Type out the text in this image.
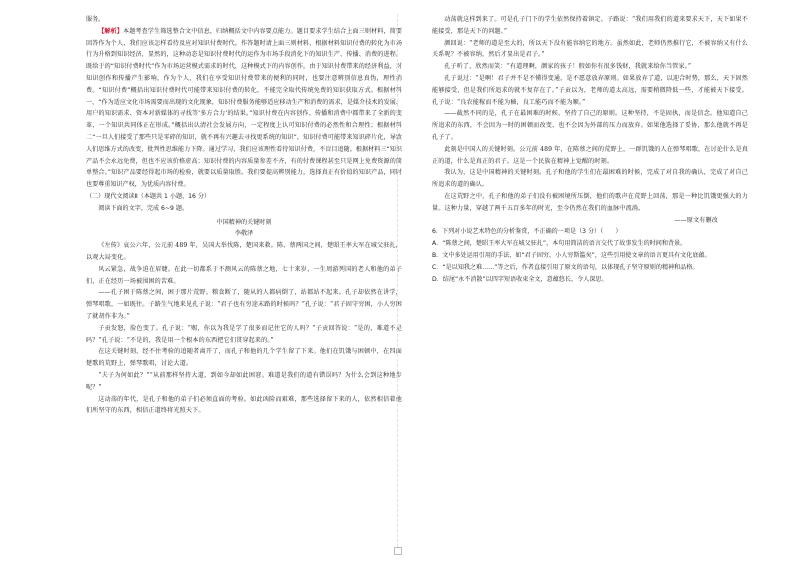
服务。

【解析】本题考查学生筛选整合文中信息，归纳概括文中内容要点能力。题目要求学生结合上面三则材料，简要回答作为个人，我们应该怎样看待及应对知识付费时代。作答题时请上面三则材料，根据材料知识付费的转化为市场行为升格到知识经济，显然的，这种动态是知识付费时代的运作为市场手段消化下的知识生产、传播、消费的进程。既给于的“知识付费时代”作为市场运营模式需求的时代，这种模式下的内容创作，由于知识付费带来的经济利益，对知识创作和传播产生影响，作为个人，我们在享受知识付费带来的便利的同时，也要注意辨别信息真伪，理性消费。“知识付费”概括出知识付费时代可能带来知识付费的转化，不能完全取代传统免费的知识获取方式。根据材料一，“作为适应文化市场需要而出现的文化现象，知识付费服务能够适应移动生产和消费的需求，是媒介技术的发展、用户的知识需求、资本对新媒体的寻找等‘多方合力’的结果。”知识付费在内容创作、传播和消费中都带来了全新的变革，一个知识共同体正在形成。”概括出认清社会发展方向，一定程度上认可知识付费的必然性和合理性；根据材料二“一旦人们接受了那些只是零碎的知识，就不再有兴趣去寻找更系统的知识”，知识付费可能带来知识碎片化，导致人们思维方式的改变，批判性思维能力下降。通过学习，我们应该理性看待知识付费，不盲目追随。根据材料三“知识产品不会永远免费，但也不应该价格虚高；知识付费的内容质量参差不齐，有的付费课程甚至只是网上免费资源的简单整合。”知识产品要经得起市场的检验，就要以质量取胜。我们要提高辨别能力，选择真正有价值的知识产品，同时也要尊重知识产权，为优质内容付费。

（二）现代文阅读Ⅱ（本题共 1 小题，16 分）

阅读下面的文字，完成 6~9 题。

中国精神的关键时刻

李敬泽

《左传》哀公六年，公元前 489 年，吴国大举伐陈，楚国来救。陈、蔡两国之间，楚昭王率大军在城父驻扎，以观大局变化。

风云紧急，战争迫在眉睫。在此一切都系于不测风云的陈蔡之地，七十来岁、一生周游列国的老人和他的弟子们，正在经历一场被围困的苦难。

——孔子困于陈蔡之间，困于那片荒野。粮食断了，随从的人都病倒了，站都站不起来。孔子却依然在讲学，弹琴唱歌，一如既往。子路生气地来见孔子说：“君子也有穷途末路的时候吗？”孔子说：“君子固守穷困，小人穷困了就胡作非为。”

子贡发怒，脸色变了。孔子说：“赐，你以为我是学了很多而记住它的人吗？”子贡回答说：“是的，难道不是吗？”孔子说：“不是的，我是用一个根本的东西把它们贯穿起来的。”

在这关键时刻，经不住考验的追随者离开了，而孔子和他的几个学生留了下来。他们在饥饿与困顿中，在四面楚歌的荒野上，弹琴歌唱，讨论大道。

“夫子为何如此？”“从前那样坚持大道，到如今却如此困窘。难道是我们的道有错误吗？为什么会到这种地步呢？”

这动荡的年代，是孔子和他的弟子们必须直面的考验。如此凶险而艰难，那些选择留下来的人，依然相信着他们所坚守的东西，相信正道终将光照天下。

动荡就这样到来了。可是孔子门下的学生依然保持着镇定。子路说：“我们用我们的道来要求天下，天下如果不能接受，那是天下的问题。”

颜回说：“老师的道是至大的，所以天下没有能容纳它的地方。虽然如此，老师仍然推行它，不被容纳又有什么关系呢？不被容纳，然后才显出是君子。”

孔子听了，欣然而笑：“有道理啊，颜家的孩子！假如你有很多钱财，我就来给你当管家。”

孔子说过：“是啊！君子并不是不懂得变通，是不愿意放弃原则。如果放弃了道，以迎合时势，那么，天下固然能够接受，但是我们所追求的就不复存在了。”子贡以为，老师的道太高远，需要稍微降低一些，才能被天下接受。孔子说：“良农能稼而不能为穑，良工能巧而不能为顺。”

——截然不同的是，孔子在最困难的时候，坚持了自己的原则。这种坚持，不是固执，而是信念。他知道自己所追求的东西，不会因为一时的困顿而改变，也不会因为外部的压力而放弃。如果他选择了妥协，那么他就不再是孔子了。

此刻是中国人的关键时刻。公元前 489 年，在陈蔡之间的荒野上，一群饥饿的人在弹琴唱歌，在讨论什么是真正的道，什么是真正的君子。这是一个民族在精神上觉醒的时刻。

我认为，这是中国精神的关键时刻。孔子和他的学生们在最困难的时候，完成了对自我的确认，完成了对自己所追求的道的确认。

在这荒野之中，孔子和他的弟子们没有被困境所压倒，他们的歌声在荒野上回荡，那是一种比饥饿更强大的力量。这种力量，穿越了两千五百多年的时光，至今仍然在我们的血脉中流淌。

——原文有删改

6．下列对小说艺术特色的分析鉴赏，不正确的一项是（3 分）（　　）

A．“陈蔡之间，楚昭王率大军在城父驻扎”，本句用简洁的语言交代了故事发生的时间和背景。

B．文中多处运用引用的手法，如“君子固穷，小人穷斯滥矣”，这些引用使文章的语言更具有文化底蕴。

C．“是以知我之难……”等之后，作者直接引用了原文的语句，以体现孔子坚守原则的精神和品格。

D．结尾“永不消散”以四字短语收束全文，意蕴悠长，令人深思。
